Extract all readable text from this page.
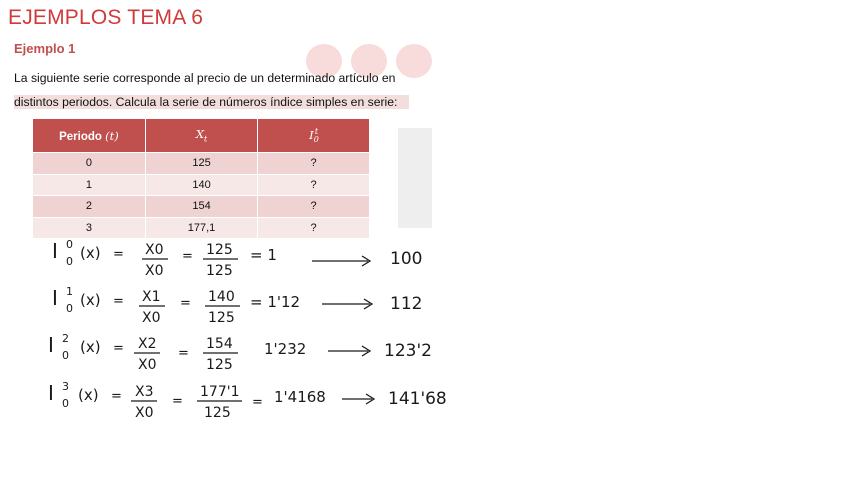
EJEMPLOS TEMA 6
Ejemplo 1
La siguiente serie corresponde al precio de un determinado artículo en
distintos periodos. Calcula la serie de números índice simples en serie:
Periodo (t)	$X_t$	$I_0^t$
0	125	?
1	140	?
2	154	?
3	177,1	?
I 0
0 (x) = X0
X0
= 125
125
= 1	100
I 1
0 (x) = X1
X0
= 140
125
= 1'12	112
I 2
0 (x) = X2
X0
=
154
125
1'232	123'2
I 3
0 (x) = X3
X0
=
177'1
125
= 1'4168	141'68
